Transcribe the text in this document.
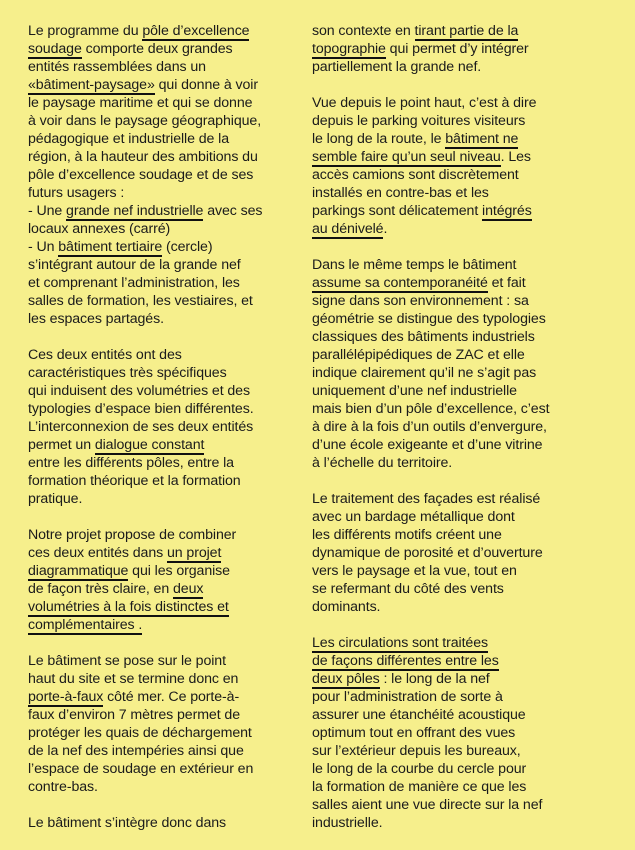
Le programme du pôle d’excellence
soudage comporte deux grandes
entités rassemblées dans un
«bâtiment-paysage» qui donne à voir
le paysage maritime et qui se donne
à voir dans le paysage géographique,
pédagogique et industrielle de la
région, à la hauteur des ambitions du
pôle d’excellence soudage et de ses
futurs usagers :
- Une grande nef industrielle avec ses
locaux annexes (carré)
- Un bâtiment tertiaire (cercle)
s’intégrant autour de la grande nef
et comprenant l’administration, les
salles de formation, les vestiaires, et
les espaces partagés.
Ces deux entités ont des
caractéristiques très spécifiques
qui induisent des volumétries et des
typologies d’espace bien différentes.
L’interconnexion de ses deux entités
permet un dialogue constant
entre les différents pôles, entre la
formation théorique et la formation
pratique.
Notre projet propose de combiner
ces deux entités dans un projet
diagrammatique qui les organise
de façon très claire, en deux
volumétries à la fois distinctes et
complémentaires .
Le bâtiment se pose sur le point
haut du site et se termine donc en
porte-à-faux côté mer. Ce porte-à-
faux d’environ 7 mètres permet de
protéger les quais de déchargement
de la nef des intempéries ainsi que
l’espace de soudage en extérieur en
contre-bas.
Le bâtiment s’intègre donc dans
son contexte en tirant partie de la
topographie qui permet d’y intégrer
partiellement la grande nef.
Vue depuis le point haut, c’est à dire
depuis le parking voitures visiteurs
le long de la route, le bâtiment ne
semble faire qu’un seul niveau. Les
accès camions sont discrètement
installés en contre-bas et les
parkings sont délicatement intégrés
au dénivelé.
Dans le même temps le bâtiment
assume sa contemporanéité et fait
signe dans son environnement : sa
géométrie se distingue des typologies
classiques des bâtiments industriels
parallélépipédiques de ZAC et elle
indique clairement qu’il ne s’agit pas
uniquement d’une nef industrielle
mais bien d’un pôle d’excellence, c’est
à dire à la fois d’un outils d’envergure,
d’une école exigeante et d’une vitrine
à l’échelle du territoire.
Le traitement des façades est réalisé
avec un bardage métallique dont
les différents motifs créent une
dynamique de porosité et d’ouverture
vers le paysage et la vue, tout en
se refermant du côté des vents
dominants.
Les circulations sont traitées
de façons différentes entre les
deux pôles : le long de la nef
pour l’administration de sorte à
assurer une étanchéité acoustique
optimum tout en offrant des vues
sur l’extérieur depuis les bureaux,
le long de la courbe du cercle pour
la formation de manière ce que les
salles aient une vue directe sur la nef
industrielle.
